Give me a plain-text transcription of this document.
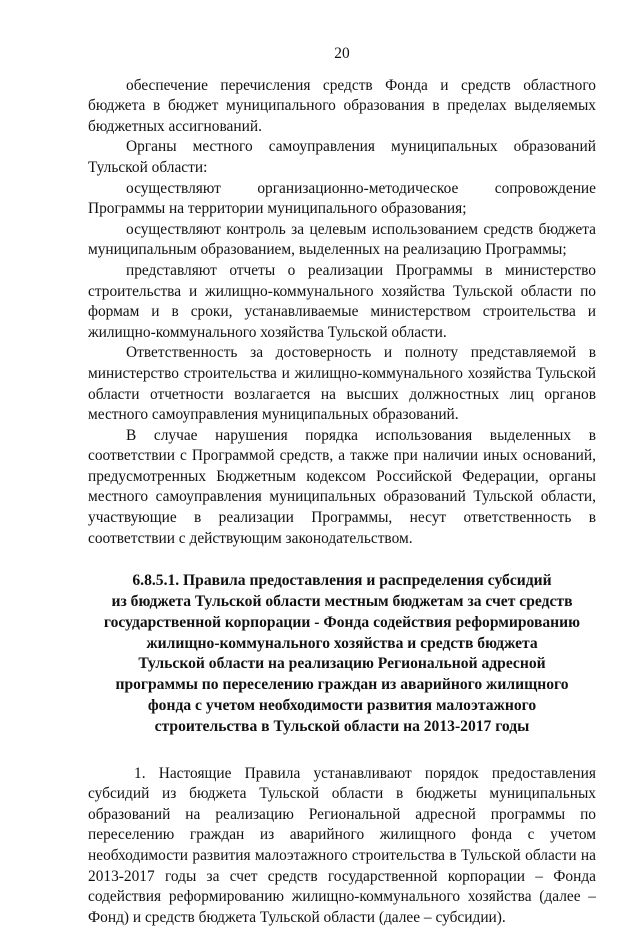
20

обеспечение перечисления средств Фонда и средств областного бюджета в бюджет муниципального образования в пределах выделяемых бюджетных ассигнований.

Органы местного самоуправления муниципальных образований Тульской области:

осуществляют организационно-методическое сопровождение Программы на территории муниципального образования;

осуществляют контроль за целевым использованием средств бюджета муниципальным образованием, выделенных на реализацию Программы;

представляют отчеты о реализации Программы в министерство строительства и жилищно-коммунального хозяйства Тульской области по формам и в сроки, устанавливаемые министерством строительства и жилищно-коммунального хозяйства Тульской области.

Ответственность за достоверность и полноту представляемой в министерство строительства и жилищно-коммунального хозяйства Тульской области отчетности возлагается на высших должностных лиц органов местного самоуправления муниципальных образований.

В случае нарушения порядка использования выделенных в соответствии с Программой средств, а также при наличии иных оснований, предусмотренных Бюджетным кодексом Российской Федерации, органы местного самоуправления муниципальных образований Тульской области, участвующие в реализации Программы, несут ответственность в соответствии с действующим законодательством.

6.8.5.1. Правила предоставления и распределения субсидий
из бюджета Тульской области местным бюджетам за счет средств
государственной корпорации - Фонда содействия реформированию
жилищно-коммунального хозяйства и средств бюджета
Тульской области на реализацию Региональной адресной
программы по переселению граждан из аварийного жилищного
фонда с учетом необходимости развития малоэтажного
строительства в Тульской области на 2013-2017 годы

1. Настоящие Правила устанавливают порядок предоставления субсидий из бюджета Тульской области в бюджеты муниципальных образований на реализацию Региональной адресной программы по переселению граждан из аварийного жилищного фонда с учетом необходимости развития малоэтажного строительства в Тульской области на 2013-2017 годы за счет средств государственной корпорации – Фонда содействия реформированию жилищно-коммунального хозяйства (далее – Фонд) и средств бюджета Тульской области (далее – субсидии).
